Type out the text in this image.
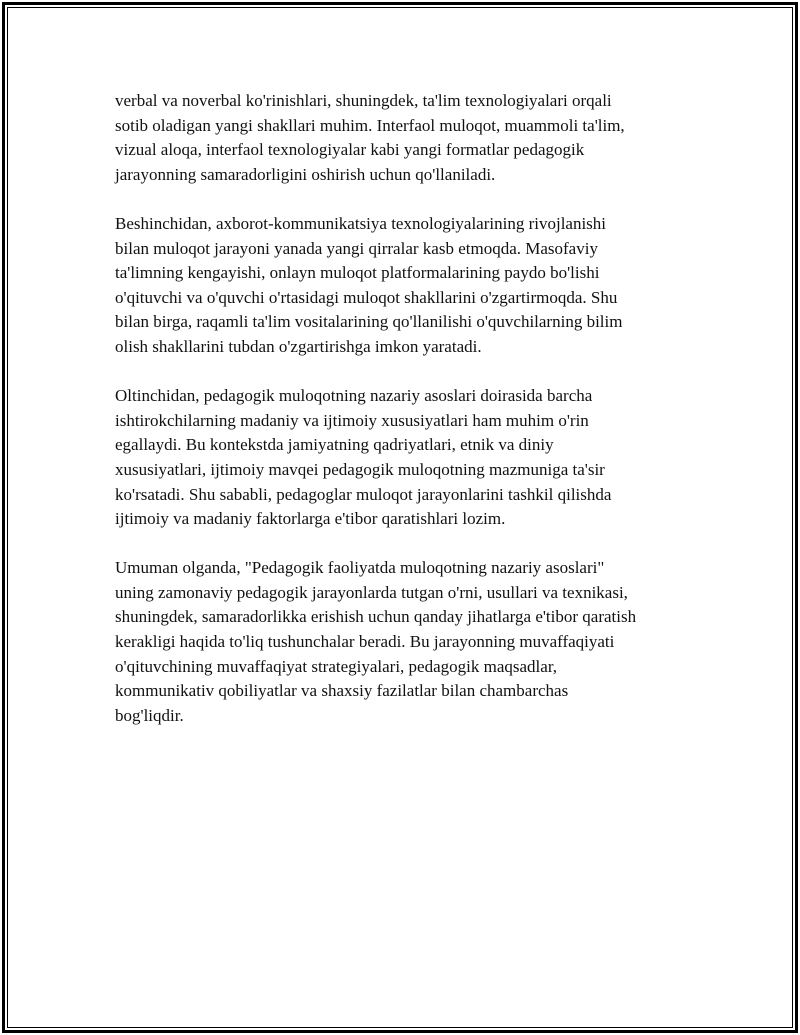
verbal va noverbal ko'rinishlari, shuningdek, ta'lim texnologiyalari orqali
sotib oladigan yangi shakllari muhim. Interfaol muloqot, muammoli ta'lim,
vizual aloqa, interfaol texnologiyalar kabi yangi formatlar pedagogik
jarayonning samaradorligini oshirish uchun qo'llaniladi.

Beshinchidan, axborot-kommunikatsiya texnologiyalarining rivojlanishi
bilan muloqot jarayoni yanada yangi qirralar kasb etmoqda. Masofaviy
ta'limning kengayishi, onlayn muloqot platformalarining paydo bo'lishi
o'qituvchi va o'quvchi o'rtasidagi muloqot shakllarini o'zgartirmoqda. Shu
bilan birga, raqamli ta'lim vositalarining qo'llanilishi o'quvchilarning bilim
olish shakllarini tubdan o'zgartirishga imkon yaratadi.

Oltinchidan, pedagogik muloqotning nazariy asoslari doirasida barcha
ishtirokchilarning madaniy va ijtimoiy xususiyatlari ham muhim o'rin
egallaydi. Bu kontekstda jamiyatning qadriyatlari, etnik va diniy
xususiyatlari, ijtimoiy mavqei pedagogik muloqotning mazmuniga ta'sir
ko'rsatadi. Shu sababli, pedagoglar muloqot jarayonlarini tashkil qilishda
ijtimoiy va madaniy faktorlarga e'tibor qaratishlari lozim.

Umuman olganda, "Pedagogik faoliyatda muloqotning nazariy asoslari"
uning zamonaviy pedagogik jarayonlarda tutgan o'rni, usullari va texnikasi,
shuningdek, samaradorlikka erishish uchun qanday jihatlarga e'tibor qaratish
kerakligi haqida to'liq tushunchalar beradi. Bu jarayonning muvaffaqiyati
o'qituvchining muvaffaqiyat strategiyalari, pedagogik maqsadlar,
kommunikativ qobiliyatlar va shaxsiy fazilatlar bilan chambarchas
bog'liqdir.
